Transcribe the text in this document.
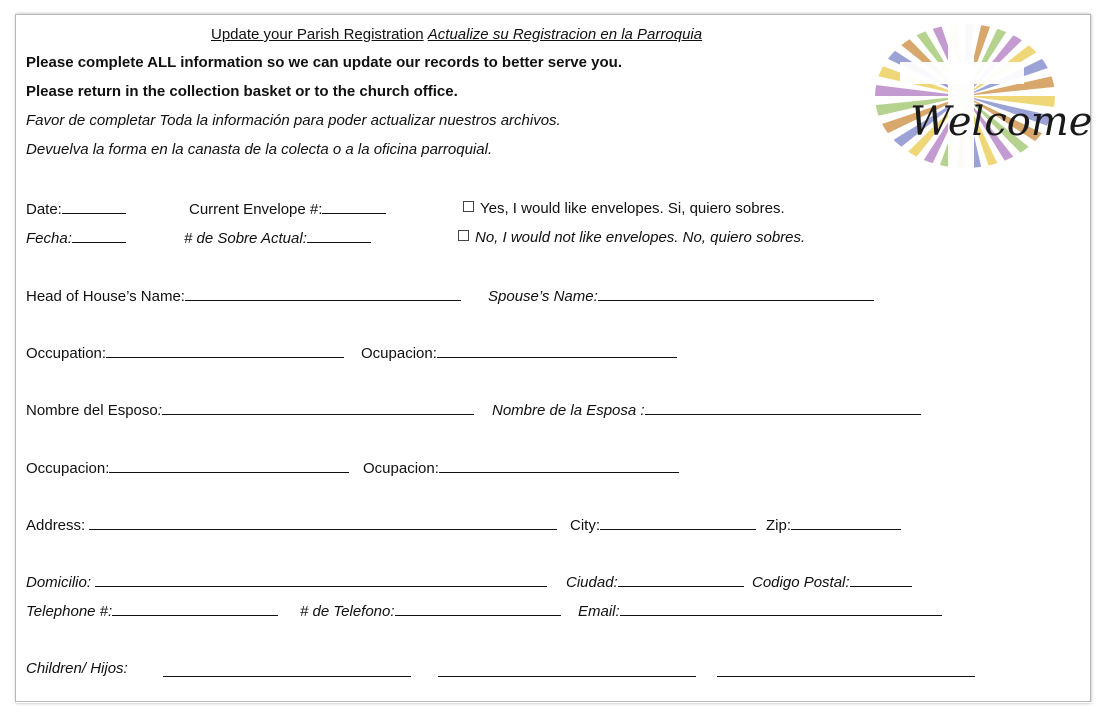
Update your Parish Registration Actualize su Registracion en la Parroquia
Please complete ALL information so we can update our records to better serve you.
Please return in the collection basket or to the church office.
Favor de completar Toda la información para poder actualizar nuestros archivos.
Devuelva la forma en la canasta de la colecta o a la oficina parroquial.
Date:	Current Envelope #:	Yes, I would like envelopes. Si, quiero sobres.
Fecha:	# de Sobre Actual:	No, I would not like envelopes. No, quiero sobres.
Head of House’s Name:	Spouse’s Name:
Occupation:	Ocupacion:
Nombre del Esposo:	Nombre de la Esposa :
Occupacion:	Ocupacion:
Address:	City:	Zip:
Domicilio:	Ciudad:	Codigo Postal:
Telephone #:	# de Telefono:	Email:
Children/ Hijos:
Welcome
